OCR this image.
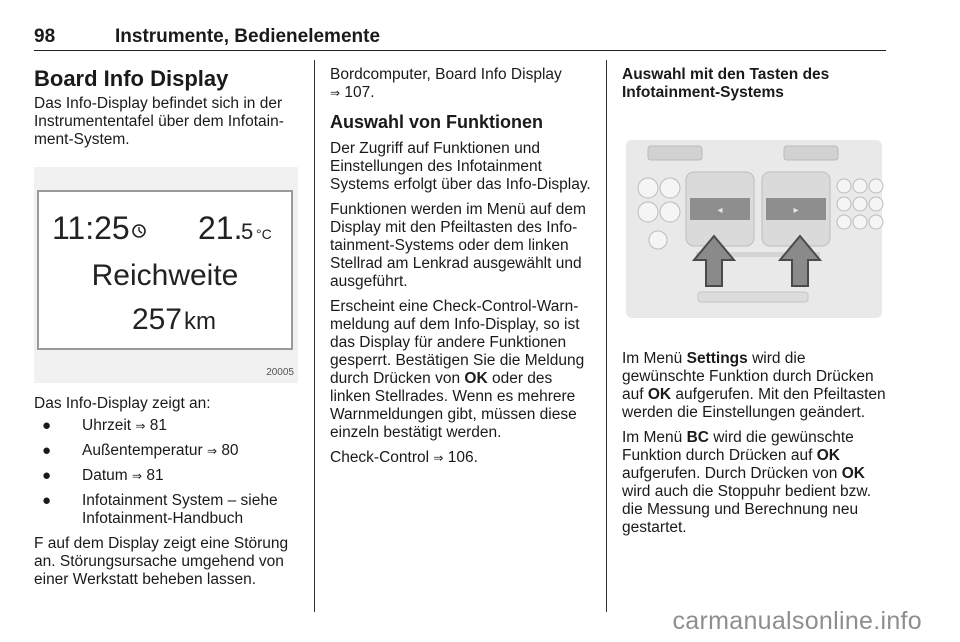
98	Instrumente, Bedienelemente
Board Info Display

Das Info-Display befindet sich in der Instrumententafel über dem Infotainment-System.

11:25 21.
5 °C
Reichweite
257 km
20005

Das Info-Display zeigt an:

● Uhrzeit ⇒ 81
● Außentemperatur ⇒ 80
● Datum ⇒ 81
● Infotainment System – siehe Infotainment-Handbuch

F auf dem Display zeigt eine Störung an. Störungsursache umgehend von einer Werkstatt beheben lassen.

Bordcomputer, Board Info Display
⇒ 107.

Auswahl von Funktionen

Der Zugriff auf Funktionen und Einstellungen des Infotainment Systems erfolgt über das Info-Display.

Funktionen werden im Menü auf dem Display mit den Pfeiltasten des Infotainment-Systems oder dem linken Stellrad am Lenkrad ausgewählt und ausgeführt.

Erscheint eine Check-Control-Warnmeldung auf dem Info-Display, so ist das Display für andere Funktionen gesperrt. Bestätigen Sie die Meldung durch Drücken von OK oder des linken Stellrades. Wenn es mehrere Warnmeldungen gibt, müssen diese einzeln bestätigt werden.

Check-Control ⇒ 106.

Auswahl mit den Tasten des Infotainment-Systems
◂	▸

Im Menü Settings wird die gewünschte Funktion durch Drücken auf OK aufgerufen. Mit den Pfeiltasten werden die Einstellungen geändert.

Im Menü BC wird die gewünschte Funktion durch Drücken auf OK aufgerufen. Durch Drücken von OK wird auch die Stoppuhr bedient bzw. die Messung und Berechnung neu gestartet.

carmanualsonline.info
